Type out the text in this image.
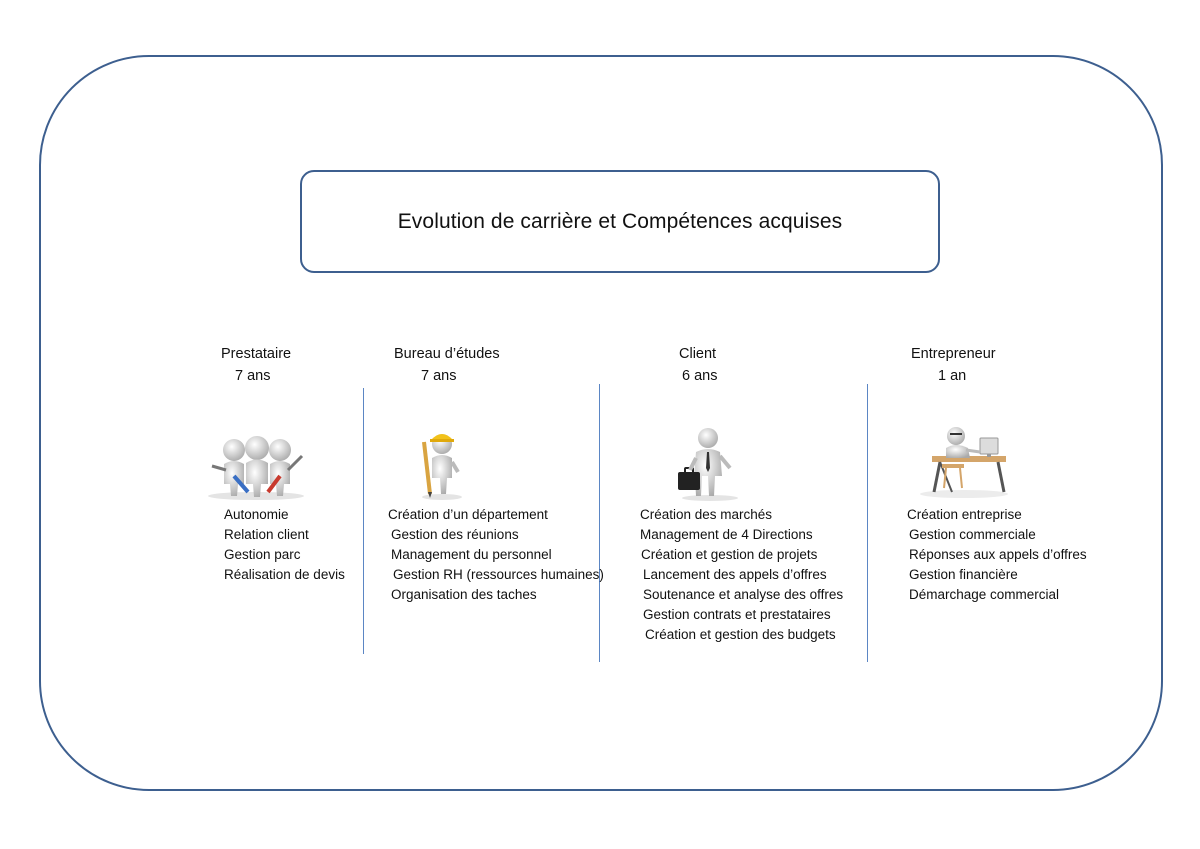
Evolution de carrière et Compétences acquises
Prestataire
7 ans
Autonomie
Relation client
Gestion parc
Réalisation de devis
Bureau d’études
7 ans
Création d’un département
Gestion des réunions
Management du personnel
Gestion RH (ressources humaines)
Organisation des taches
Client
6 ans
Création des marchés
Management de 4 Directions
Création et gestion de projets
Lancement des appels d’offres
Soutenance et analyse des offres
Gestion contrats et prestataires
Création et gestion des budgets
Entrepreneur
1 an
Création entreprise
Gestion commerciale
Réponses aux appels d’offres
Gestion financière
Démarchage commercial
